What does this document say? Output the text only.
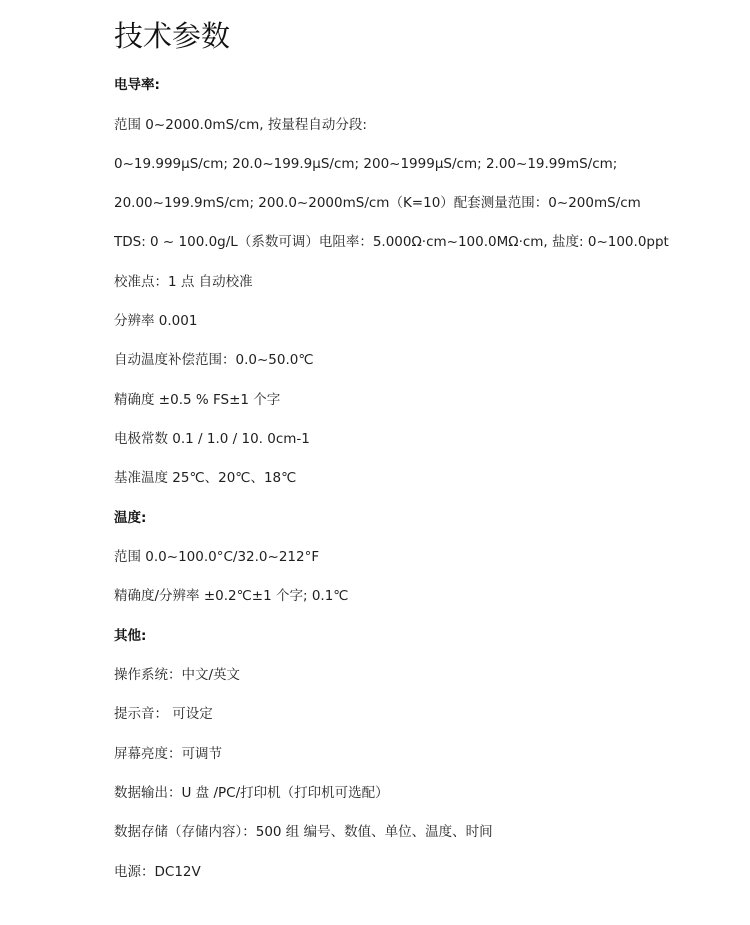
技术参数
电导率:
范围 0~2000.0mS/cm, 按量程自动分段:
0~19.999μS/cm; 20.0~199.9μS/cm; 200~1999μS/cm; 2.00~19.99mS/cm;
20.00~199.9mS/cm; 200.0~2000mS/cm（K=10）配套测量范围：0~200mS/cm
TDS: 0 ~ 100.0g/L（系数可调）电阻率：5.000Ω·cm~100.0MΩ·cm, 盐度: 0~100.0ppt
校准点：1 点 自动校准
分辨率 0.001
自动温度补偿范围：0.0~50.0℃
精确度 ±0.5 % FS±1 个字
电极常数 0.1 / 1.0 / 10. 0cm-1
基准温度 25℃、20℃、18℃
温度:
范围 0.0~100.0°C/32.0~212°F
精确度/分辨率 ±0.2℃±1 个字; 0.1℃
其他:
操作系统：中文/英文
提示音： 可设定
屏幕亮度：可调节
数据输出：U 盘 /PC/打印机（打印机可选配）
数据存储（存储内容）：500 组 编号、数值、单位、温度、时间
电源：DC12V
